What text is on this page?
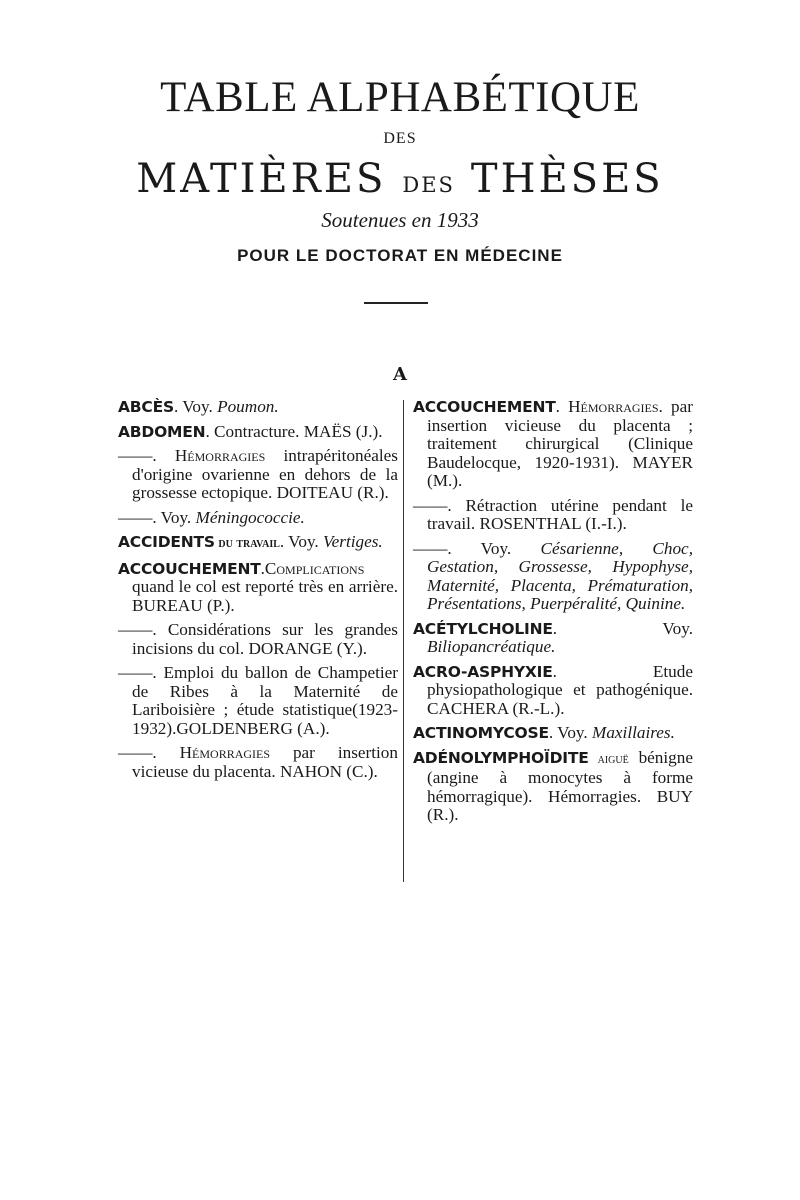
TABLE ALPHABÉTIQUE
DES
MATIÈRES DES THÈSES
Soutenues en 1933
POUR LE DOCTORAT EN MÉDECINE
A

ABCÈS. Voy. Poumon.

ABDOMEN. Contracture. MAËS (J.).

——. Hémorragies intrapéritonéales d'origine ovarienne en dehors de la grossesse ectopique. DOITEAU (R.).

——. Voy. Méningococcie.

ACCIDENTS du travail. Voy. Vertiges.

ACCOUCHEMENT.Complications quand le col est reporté très en arrière. BUREAU (P.).

——. Considérations sur les grandes incisions du col. DORANGE (Y.).

——. Emploi du ballon de Champetier de Ribes à la Maternité de Lariboisière ; étude statistique(1923-1932).GOLDENBERG (A.).

——. Hémorragies par insertion vicieuse du placenta. NAHON (C.).

ACCOUCHEMENT. Hémorragies. par insertion vicieuse du placenta ; traitement chirurgical (Clinique Baudelocque, 1920-1931). MAYER (M.).

——. Rétraction utérine pendant le travail. ROSENTHAL (I.-I.).

——. Voy. Césarienne, Choc, Gestation, Grossesse, Hypophyse, Maternité, Placenta, Prématuration, Présentations, Puerpéralité, Quinine.

ACÉTYLCHOLINE. Voy. Biliopancréatique.

ACRO-ASPHYXIE. Etude physiopathologique et pathogénique. CACHERA (R.-L.).

ACTINOMYCOSE. Voy. Maxillaires.

ADÉNOLYMPHOÏDITE aiguë bénigne (angine à monocytes à forme hémorragique). Hémorragies. BUY (R.).
